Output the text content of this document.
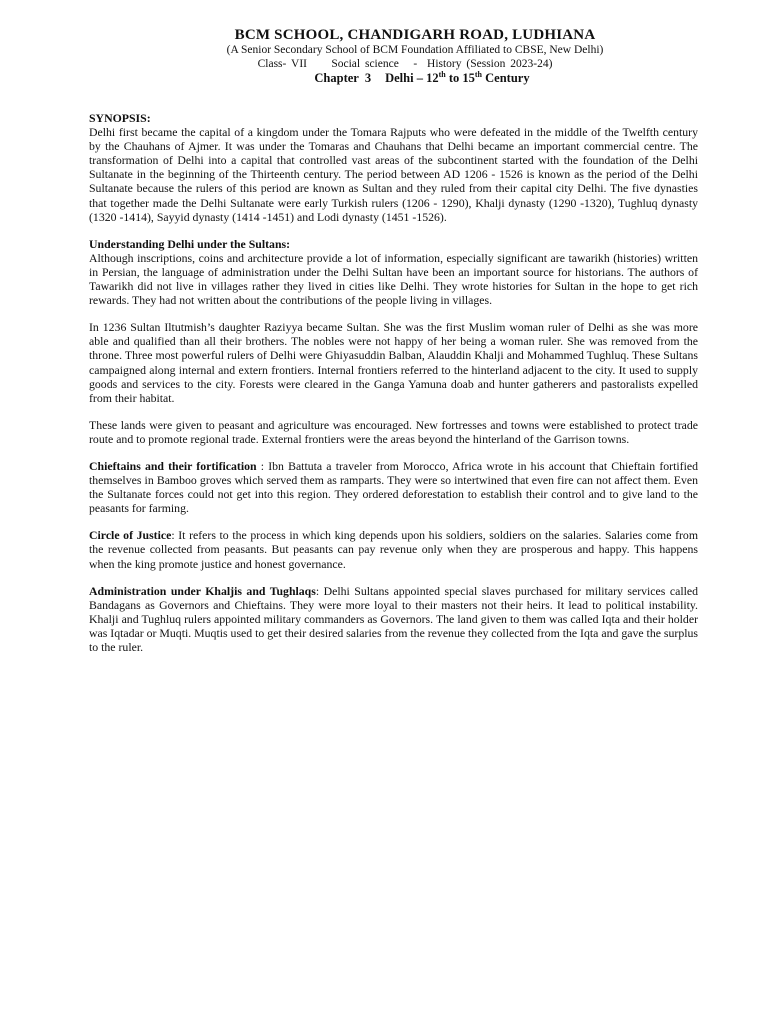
BCM SCHOOL, CHANDIGARH ROAD, LUDHIANA
(A Senior Secondary School of BCM Foundation Affiliated to CBSE, New Delhi)
Class- VII     Social science   -  History (Session 2023-24)
Chapter  3 Delhi – 12th to 15th Century

SYNOPSIS:
Delhi first became the capital of a kingdom under the Tomara Rajputs who were defeated in the middle of the Twelfth century by the Chauhans of Ajmer. It was under the Tomaras and Chauhans that Delhi became an important commercial centre. The transformation of Delhi into a capital that controlled vast areas of the subcontinent started with the foundation of the Delhi Sultanate in the beginning of the Thirteenth century. The period between AD 1206 - 1526 is known as the period of the Delhi Sultanate because the rulers of this period are known as Sultan and they ruled from their capital city Delhi. The five dynasties that together made the Delhi Sultanate were early Turkish rulers (1206 - 1290), Khalji dynasty (1290 -1320), Tughluq dynasty (1320 -1414), Sayyid dynasty (1414 -1451) and Lodi dynasty (1451 -1526).

Understanding Delhi under the Sultans:
Although inscriptions, coins and architecture provide a lot of information, especially significant are tawarikh (histories) written in Persian, the language of administration under the Delhi Sultan have been an important source for historians. The authors of Tawarikh did not live in villages rather they lived in cities like Delhi. They wrote histories for Sultan in the hope to get rich rewards. They had not written about the contributions of the people living in villages.

In 1236 Sultan Iltutmish’s daughter Raziyya became Sultan. She was the first Muslim woman ruler of Delhi as she was more able and qualified than all their brothers. The nobles were not happy of her being a woman ruler. She was removed from the throne. Three most powerful rulers of Delhi were Ghiyasuddin Balban, Alauddin Khalji and Mohammed Tughluq. These Sultans campaigned along internal and extern frontiers. Internal frontiers referred to the hinterland adjacent to the city. It used to supply goods and services to the city. Forests were cleared in the Ganga Yamuna doab and hunter gatherers and pastoralists expelled from their habitat.

These lands were given to peasant and agriculture was encouraged. New fortresses and towns were established to protect trade route and to promote regional trade. External frontiers were the areas beyond the hinterland of the Garrison towns.

Chieftains and their fortification : Ibn Battuta a traveler from Morocco, Africa wrote in his account that Chieftain fortified themselves in Bamboo groves which served them as ramparts. They were so intertwined that even fire can not affect them. Even the Sultanate forces could not get into this region. They ordered deforestation to establish their control and to give land to the peasants for farming.

Circle of Justice: It refers to the process in which king depends upon his soldiers, soldiers on the salaries. Salaries come from the revenue collected from peasants. But peasants can pay revenue only when they are prosperous and happy. This happens when the king promote justice and honest governance.

Administration under Khaljis and Tughlaqs: Delhi Sultans appointed special slaves purchased for military services called Bandagans as Governors and Chieftains. They were more loyal to their masters not their heirs. It lead to political instability. Khalji and Tughluq rulers appointed military commanders as Governors. The land given to them was called Iqta and their holder was Iqtadar or Muqti. Muqtis used to get their desired salaries from the revenue they collected from the Iqta and gave the surplus to the ruler.
